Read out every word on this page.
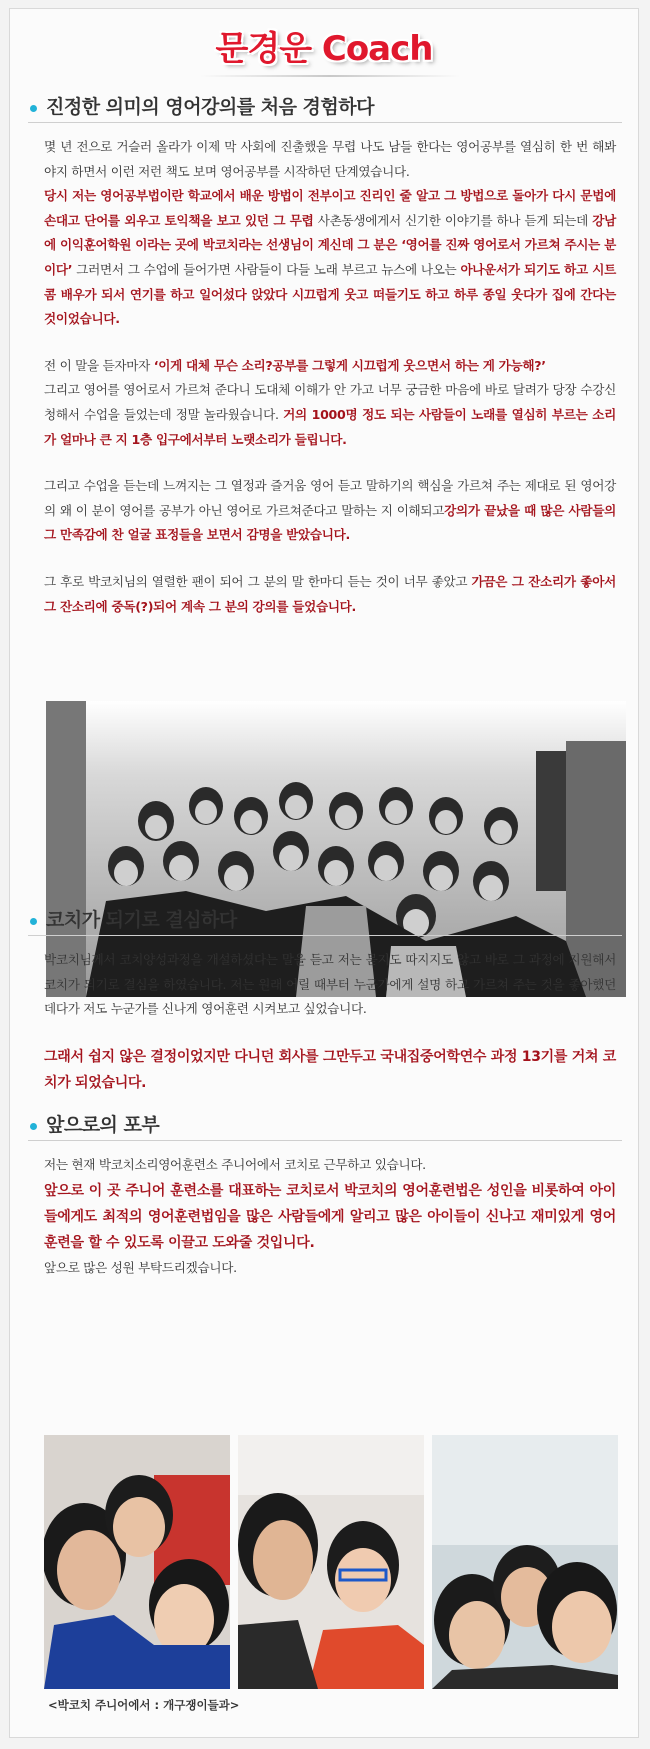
문경운 Coach
진정한 의미의 영어강의를 처음 경험하다

몇 년 전으로 거슬러 올라가 이제 막 사회에 진출했을 무렵 나도 남들 한다는 영어공부를 열심히 한 번 해봐야지 하면서 이런 저런 책도 보며 영어공부를 시작하던 단계였습니다.

당시 저는 영어공부법이란 학교에서 배운 방법이 전부이고 진리인 줄 알고 그 방법으로 돌아가 다시 문법에 손대고 단어를 외우고 토익책을 보고 있던 그 무렵 사촌동생에게서 신기한 이야기를 하나 듣게 되는데 강남에 이익훈어학원 이라는 곳에 박코치라는 선생님이 계신데 그 분은 ‘영어를 진짜 영어로서 가르쳐 주시는 분이다’ 그러면서 그 수업에 들어가면 사람들이 다들 노래 부르고 뉴스에 나오는 아나운서가 되기도 하고 시트콤 배우가 되서 연기를 하고 일어섰다 앉았다 시끄럽게 웃고 떠들기도 하고 하루 종일 웃다가 집에 간다는 것이었습니다.

전 이 말을 듣자마자 ‘이게 대체 무슨 소리?공부를 그렇게 시끄럽게 웃으면서 하는 게 가능해?’
그리고 영어를 영어로서 가르쳐 준다니 도대체 이해가 안 가고 너무 궁금한 마음에 바로 달려가 당장 수강신청해서 수업을 들었는데 정말 놀라웠습니다. 거의 1000명 정도 되는 사람들이 노래를 열심히 부르는 소리가 얼마나 큰 지 1층 입구에서부터 노랫소리가 들립니다.

그리고 수업을 듣는데 느껴지는 그 열정과 즐거움 영어 듣고 말하기의 핵심을 가르쳐 주는 제대로 된 영어강의 왜 이 분이 영어를 공부가 아닌 영어로 가르쳐준다고 말하는 지 이해되고강의가 끝났을 때 많은 사람들의 그 만족감에 찬 얼굴 표정들을 보면서 감명을 받았습니다.

그 후로 박코치님의 열렬한 팬이 되어 그 분의 말 한마디 듣는 것이 너무 좋았고 가끔은 그 잔소리가 좋아서 그 잔소리에 중독(?)되어 계속 그 분의 강의를 들었습니다.

코치가 되기로 결심하다

박코치님께서 코치양성과정을 개설하셨다는 말을 듣고 저는 묻지도 따지지도 않고 바로 그 과정에 지원해서 코치가 되기로 결심을 하였습니다. 저는 원래 어릴 때부터 누군가에게 설명 하고 가르쳐 주는 것을 좋아했던 데다가 저도 누군가를 신나게 영어훈련 시켜보고 싶었습니다.

그래서 쉽지 않은 결정이었지만 다니던 회사를 그만두고 국내집중어학연수 과정 13기를 거쳐 코치가 되었습니다.

앞으로의 포부

저는 현재 박코치소리영어훈련소 주니어에서 코치로 근무하고 있습니다.

앞으로 이 곳 주니어 훈련소를 대표하는 코치로서 박코치의 영어훈련법은 성인을 비롯하여 아이들에게도 최적의 영어훈련법임을 많은 사람들에게 알리고 많은 아이들이 신나고 재미있게 영어훈련을 할 수 있도록 이끌고 도와줄 것입니다.

앞으로 많은 성원 부탁드리겠습니다.

<박코치 주니어에서 : 개구쟁이들과>
